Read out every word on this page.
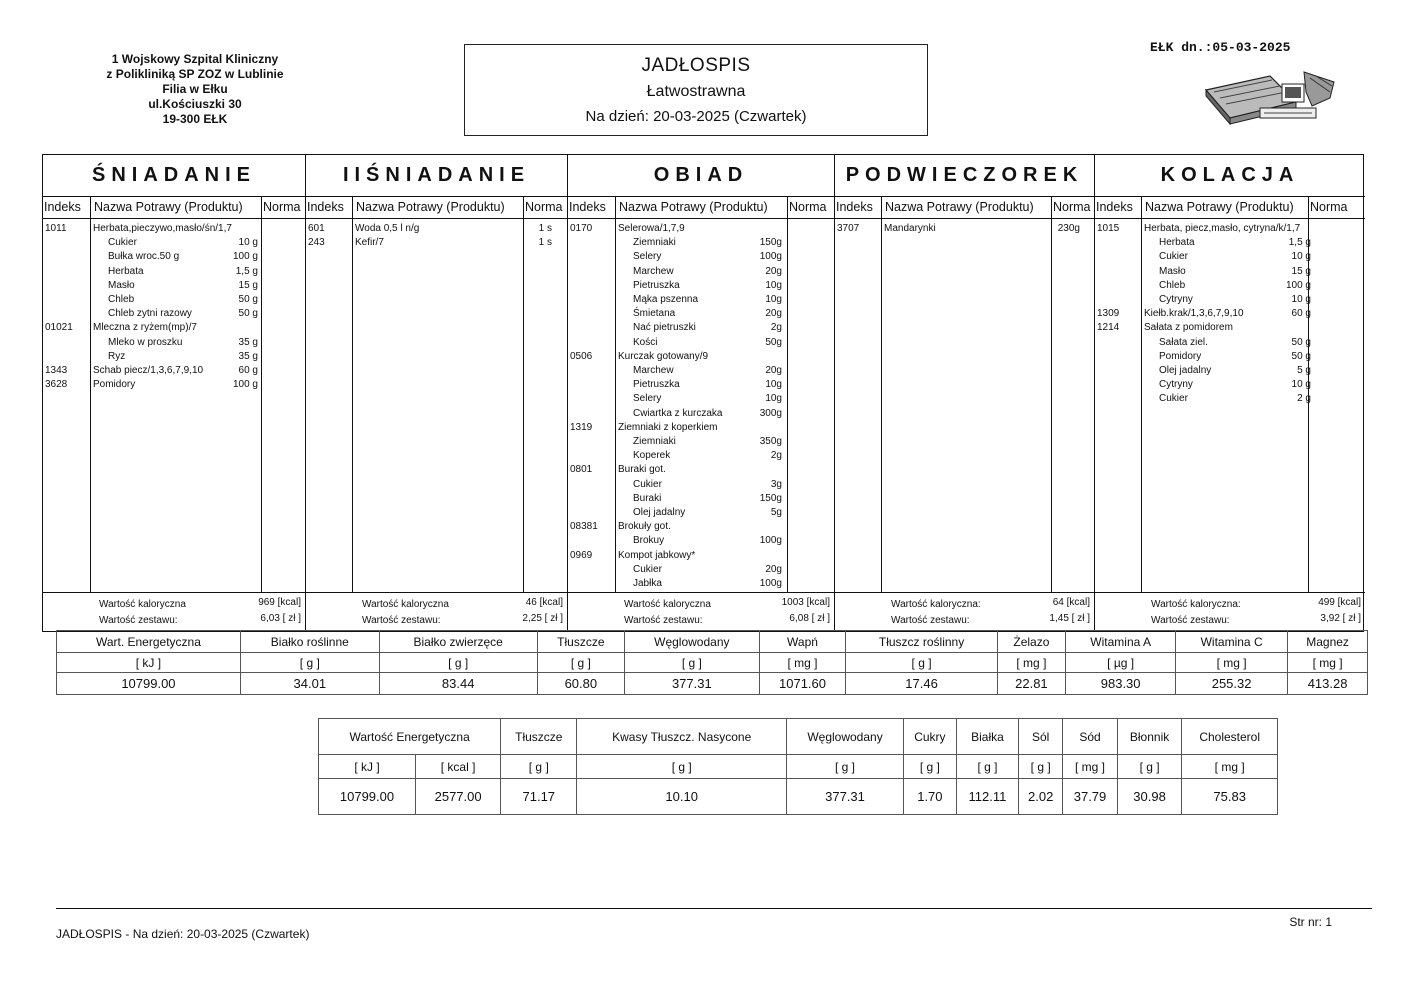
1 Wojskowy Szpital Kliniczny
z Polikliniką SP ZOZ w Lublinie
Filia w Ełku
ul.Kościuszki 30
19-300 EŁK
JADŁOSPIS
Łatwostrawna
Na dzień: 20-03-2025 (Czwartek)
EŁK dn.:05-03-2025
ŚNIADANIE
Indeks Nazwa Potrawy (Produktu) Norma
1011	Herbata,pieczywo,masło/śn/1,7
Cukier	10 g
Bułka wroc.50 g	100 g
Herbata	1,5 g
Masło	15 g
Chleb	50 g
Chleb zytni razowy	50 g
01021 Mleczna z ryżem(mp)/7
Mleko w proszku	35 g
Ryz	35 g
1343	Schab piecz/1,3,6,7,9,10	60 g
3628	Pomidory	100 g
Wartość kaloryczna	969 [kcal]
Wartość zestawu:	6,03 [ zł ]
IIŚNIADANIE
Indeks Nazwa Potrawy (Produktu) Norma
601	Woda 0,5 l n/g	1 s
243	Kefir/7	1 s
Wartość kaloryczna	46 [kcal]
Wartość zestawu:	2,25 [ zł ]
OBIAD
Indeks Nazwa Potrawy (Produktu) Norma
0170	Selerowa/1,7,9
Ziemniaki	150g
Selery	100g
Marchew	20g
Pietruszka	10g
Mąka pszenna	10g
Śmietana	20g
Nać pietruszki	2g
Kości	50g
0506	Kurczak gotowany/9
Marchew	20g
Pietruszka	10g
Selery	10g
Cwiartka z kurczaka	300g
1319	Ziemniaki z koperkiem
Ziemniaki	350g
Koperek	2g
0801	Buraki got.
Cukier	3g
Buraki	150g
Olej jadalny	5g
08381 Brokuły got.
Brokuy	100g
0969	Kompot jabkowy*
Cukier	20g
Jabłka	100g
Wartość kaloryczna	1003 [kcal]
Wartość zestawu:	6,08 [ zł ]
PODWIECZOREK
Indeks Nazwa Potrawy (Produktu) Norma
3707 Mandarynki	230g
Wartość kaloryczna:	64 [kcal]
Wartość zestawu:	1,45 [ zł ]
KOLACJA
Indeks Nazwa Potrawy (Produktu) Norma
1015 Herbata, piecz,masło, cytryna/k/1,7
Herbata	1,5 g
Cukier	10 g
Masło	15 g
Chleb	100 g
Cytryny	10 g
1309 Kiełb.krak/1,3,6,7,9,10	60 g
1214 Sałata z pomidorem
Sałata ziel.	50 g
Pomidory	50 g
Olej jadalny	5 g
Cytryny	10 g
Cukier	2 g
Wartość kaloryczna:	499 [kcal]
Wartość zestawu:	3,92 [ zł ]
Wart. Energetyczna	Białko roślinne	Białko zwierzęce	Tłuszcze	Węglowodany	Wapń	Tłuszcz roślinny	Żelazo	Witamina A	Witamina C	Magnez
[ kJ ]	[ g ]	[ g ]	[ g ]	[ g ]	[ mg ]	[ g ]	[ mg ]	[ µg ]	[ mg ]	[ mg ]
10799.00	34.01	83.44	60.80	377.31	1071.60	17.46	22.81	983.30	255.32	413.28
Wartość Energetyczna		Tłuszcze	Kwasy Tłuszcz. Nasycone	Węglowodany	Cukry	Białka	Sól	Sód	Błonnik	Cholesterol
[ kJ ]	[ kcal ]	[ g ]	[ g ]	[ g ]	[ g ]	[ g ]	[ g ]	[ mg ]	[ g ]	[ mg ]
10799.00	2577.00	71.17	10.10	377.31	1.70	112.11	2.02	37.79	30.98	75.83
JADŁOSPIS - Na dzień: 20-03-2025 (Czwartek)
Str nr: 1
